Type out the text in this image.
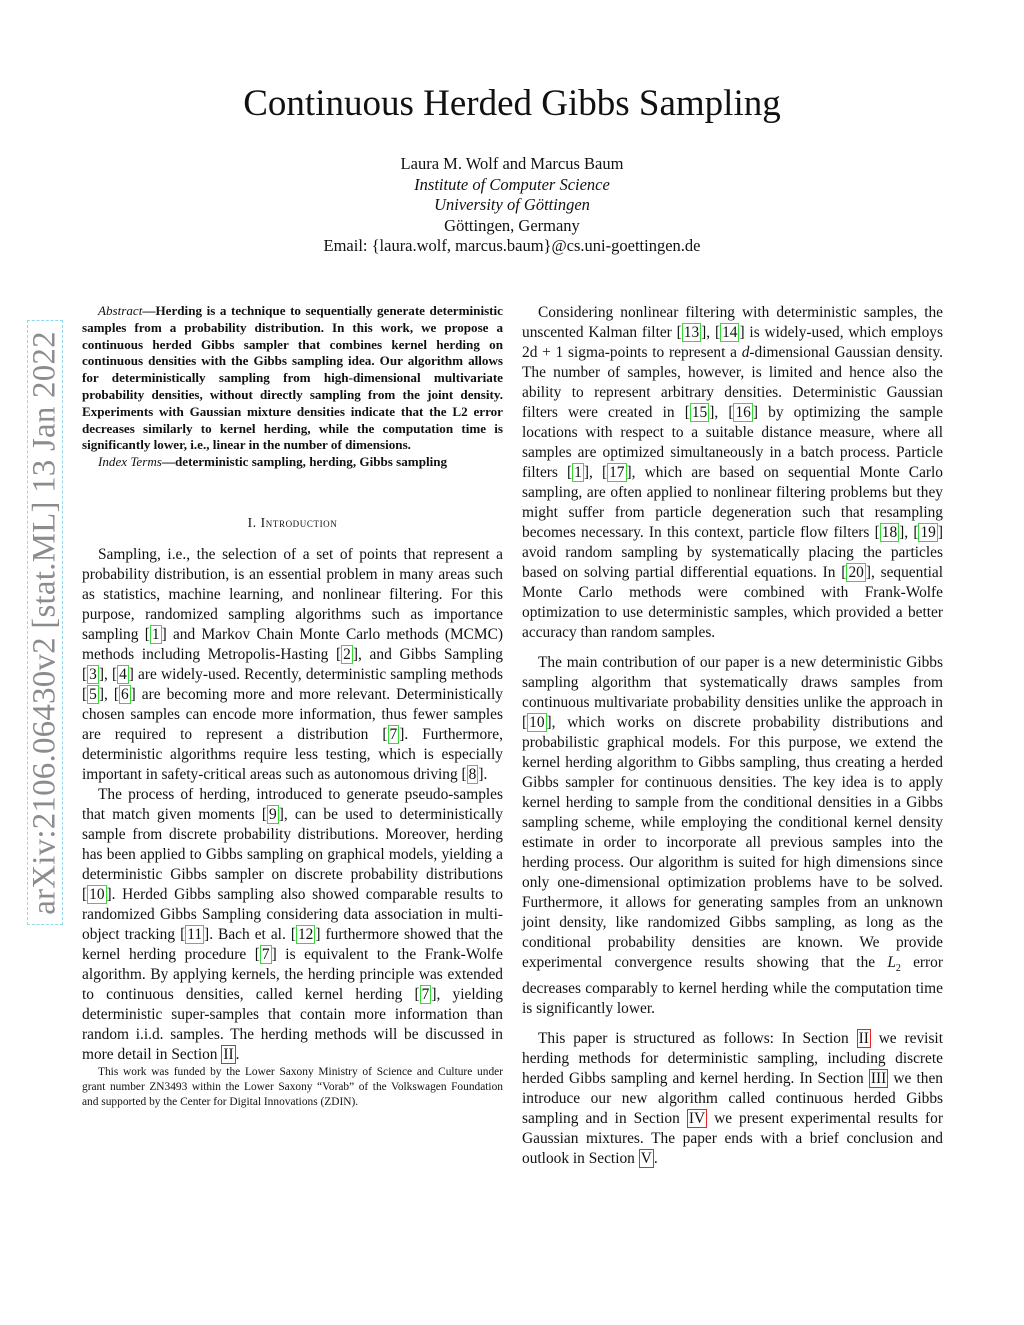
Continuous Herded Gibbs Sampling
Laura M. Wolf and Marcus Baum
Institute of Computer Science
University of Göttingen
Göttingen, Germany
Email: {laura.wolf, marcus.baum}@cs.uni-goettingen.de
arXiv:2106.06430v2 [stat.ML] 13 Jan 2022

Abstract—Herding is a technique to sequentially generate deterministic samples from a probability distribution. In this work, we propose a continuous herded Gibbs sampler that combines kernel herding on continuous densities with the Gibbs sampling idea. Our algorithm allows for deterministically sampling from high-dimensional multivariate probability densities, without directly sampling from the joint density. Experiments with Gaussian mixture densities indicate that the L2 error decreases similarly to kernel herding, while the computation time is significantly lower, i.e., linear in the number of dimensions.

Index Terms—deterministic sampling, herding, Gibbs sampling

I. Introduction

Sampling, i.e., the selection of a set of points that represent a probability distribution, is an essential problem in many areas such as statistics, machine learning, and nonlinear filtering. For this purpose, randomized sampling algorithms such as importance sampling [ 1 ] and Markov Chain Monte Carlo methods (MCMC) methods including Metropolis-Hasting [ 2 ], and Gibbs Sampling [ 3 ], [ 4 ] are widely-used. Recently, deterministic sampling methods [ 5 ], [ 6 ] are becoming more and more relevant. Deterministically chosen samples can encode more information, thus fewer samples are required to represent a distribution [ 7 ]. Furthermore, deterministic algorithms require less testing, which is especially important in safety-critical areas such as autonomous driving [ 8 ].

The process of herding, introduced to generate pseudo-samples that match given moments [ 9 ], can be used to deterministically sample from discrete probability distributions. Moreover, herding has been applied to Gibbs sampling on graphical models, yielding a deterministic Gibbs sampler on discrete probability distributions [ 10 ]. Herded Gibbs sampling also showed comparable results to randomized Gibbs Sampling considering data association in multi-object tracking [ 11 ]. Bach et al. [ 12 ] furthermore showed that the kernel herding procedure [ 7 ] is equivalent to the Frank-Wolfe algorithm. By applying kernels, the herding principle was extended to continuous densities, called kernel herding [ 7 ], yielding deterministic super-samples that contain more information than random i.i.d. samples. The herding methods will be discussed in more detail in Section II .

This work was funded by the Lower Saxony Ministry of Science and Culture under grant number ZN3493 within the Lower Saxony “Vorab” of the Volkswagen Foundation and supported by the Center for Digital Innovations (ZDIN).

Considering nonlinear filtering with deterministic samples, the unscented Kalman filter [ 13 ], [ 14 ] is widely-used, which employs 2d + 1 sigma-points to represent a d-dimensional Gaussian density. The number of samples, however, is limited and hence also the ability to represent arbitrary densities. Deterministic Gaussian filters were created in [ 15 ], [ 16 ] by optimizing the sample locations with respect to a suitable distance measure, where all samples are optimized simultaneously in a batch process. Particle filters [ 1 ], [ 17 ], which are based on sequential Monte Carlo sampling, are often applied to nonlinear filtering problems but they might suffer from particle degeneration such that resampling becomes necessary. In this context, particle flow filters [ 18 ], [ 19 ] avoid random sampling by systematically placing the particles based on solving partial differential equations. In [ 20 ], sequential Monte Carlo methods were combined with Frank-Wolfe optimization to use deterministic samples, which provided a better accuracy than random samples.

The main contribution of our paper is a new deterministic Gibbs sampling algorithm that systematically draws samples from continuous multivariate probability densities unlike the approach in [ 10 ], which works on discrete probability distributions and probabilistic graphical models. For this purpose, we extend the kernel herding algorithm to Gibbs sampling, thus creating a herded Gibbs sampler for continuous densities. The key idea is to apply kernel herding to sample from the conditional densities in a Gibbs sampling scheme, while employing the conditional kernel density estimate in order to incorporate all previous samples into the herding process. Our algorithm is suited for high dimensions since only one-dimensional optimization problems have to be solved. Furthermore, it allows for generating samples from an unknown joint density, like randomized Gibbs sampling, as long as the conditional probability densities are known. We provide experimental convergence results showing that the $L_2$ error decreases comparably to kernel herding while the computation time is significantly lower.

This paper is structured as follows: In Section II we revisit herding methods for deterministic sampling, including discrete herded Gibbs sampling and kernel herding. In Section III we then introduce our new algorithm called continuous herded Gibbs sampling and in Section IV we present experimental results for Gaussian mixtures. The paper ends with a brief conclusion and outlook in Section V .
